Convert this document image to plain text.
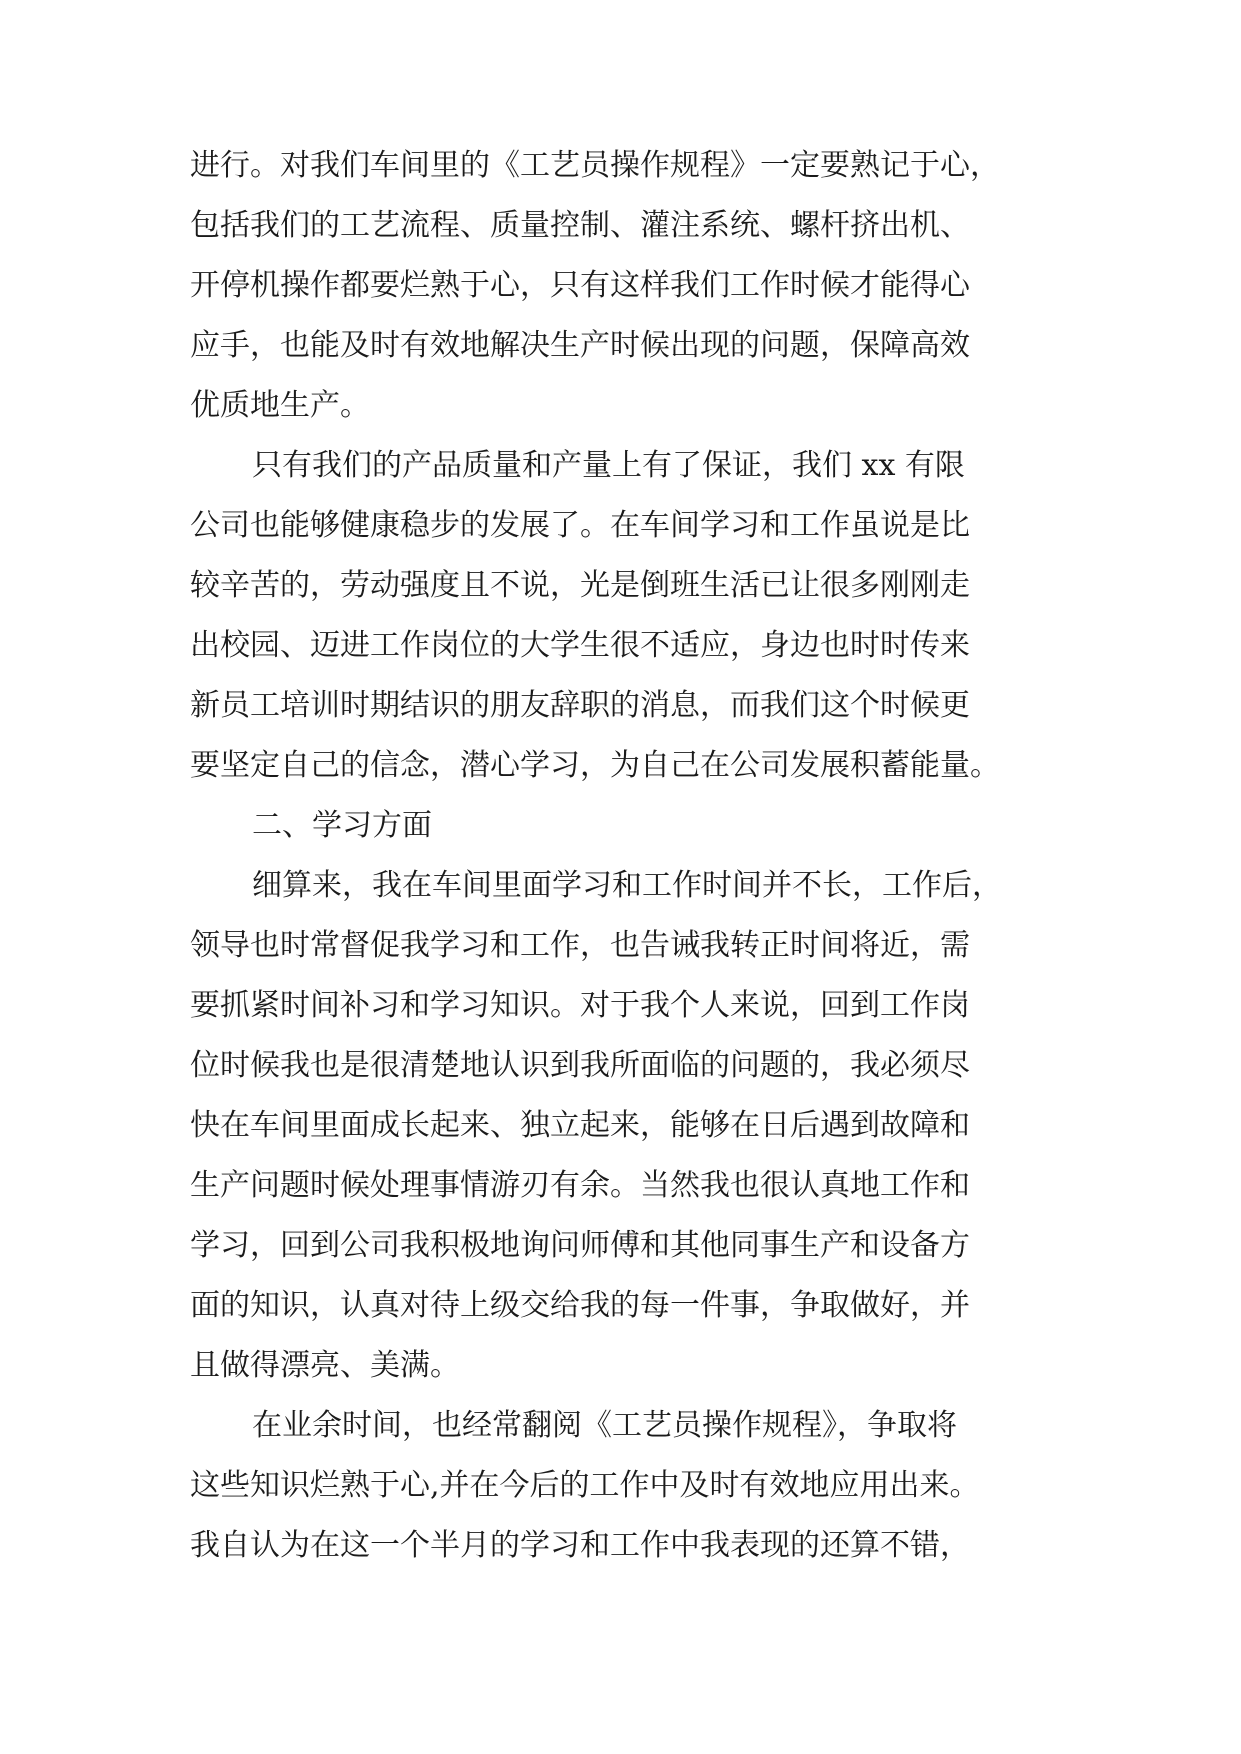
进行。对我们车间里的《工艺员操作规程》一定要熟记于心，
包括我们的工艺流程、质量控制、灌注系统、螺杆挤出机、
开停机操作都要烂熟于心，只有这样我们工作时候才能得心
应手，也能及时有效地解决生产时候出现的问题，保障高效
优质地生产。
只有我们的产品质量和产量上有了保证，我们 xx 有限
公司也能够健康稳步的发展了。在车间学习和工作虽说是比
较辛苦的，劳动强度且不说，光是倒班生活已让很多刚刚走
出校园、迈进工作岗位的大学生很不适应，身边也时时传来
新员工培训时期结识的朋友辞职的消息，而我们这个时候更
要坚定自己的信念，潜心学习，为自己在公司发展积蓄能量。
二、学习方面
细算来，我在车间里面学习和工作时间并不长，工作后，
领导也时常督促我学习和工作，也告诫我转正时间将近，需
要抓紧时间补习和学习知识。对于我个人来说，回到工作岗
位时候我也是很清楚地认识到我所面临的问题的，我必须尽
快在车间里面成长起来、独立起来，能够在日后遇到故障和
生产问题时候处理事情游刃有余。当然我也很认真地工作和
学习，回到公司我积极地询问师傅和其他同事生产和设备方
面的知识，认真对待上级交给我的每一件事，争取做好，并
且做得漂亮、美满。
在业余时间，也经常翻阅《工艺员操作规程》，争取将
这些知识烂熟于心,并在今后的工作中及时有效地应用出来。
我自认为在这一个半月的学习和工作中我表现的还算不错，
